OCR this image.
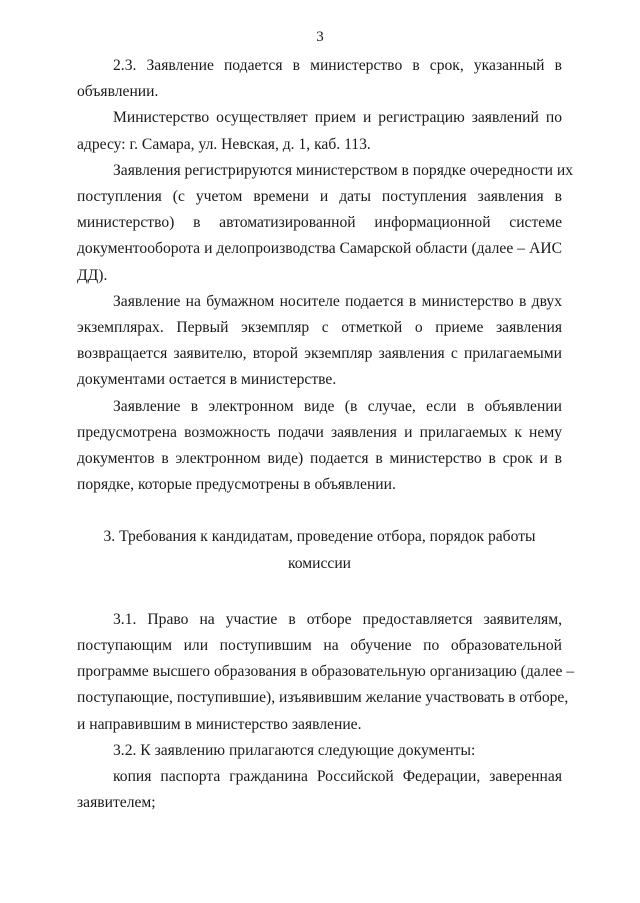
3
2.3. Заявление подается в министерство в срок, указанный в
объявлении.
Министерство осуществляет прием и регистрацию заявлений по
адресу: г. Самара, ул. Невская, д. 1, каб. 113.
Заявления регистрируются министерством в порядке очередности их
поступления (с учетом времени и даты поступления заявления в
министерство) в автоматизированной информационной системе
документооборота и делопроизводства Самарской области (далее – АИС
ДД).
Заявление на бумажном носителе подается в министерство в двух
экземплярах. Первый экземпляр с отметкой о приеме заявления
возвращается заявителю, второй экземпляр заявления с прилагаемыми
документами остается в министерстве.
Заявление в электронном виде (в случае, если в объявлении
предусмотрена возможность подачи заявления и прилагаемых к нему
документов в электронном виде) подается в министерство в срок и в
порядке, которые предусмотрены в объявлении.
3. Требования к кандидатам, проведение отбора, порядок работы
комиссии
3.1. Право на участие в отборе предоставляется заявителям,
поступающим или поступившим на обучение по образовательной
программе высшего образования в образовательную организацию (далее –
поступающие, поступившие), изъявившим желание участвовать в отборе,
и направившим в министерство заявление.
3.2. К заявлению прилагаются следующие документы:
копия паспорта гражданина Российской Федерации, заверенная
заявителем;
